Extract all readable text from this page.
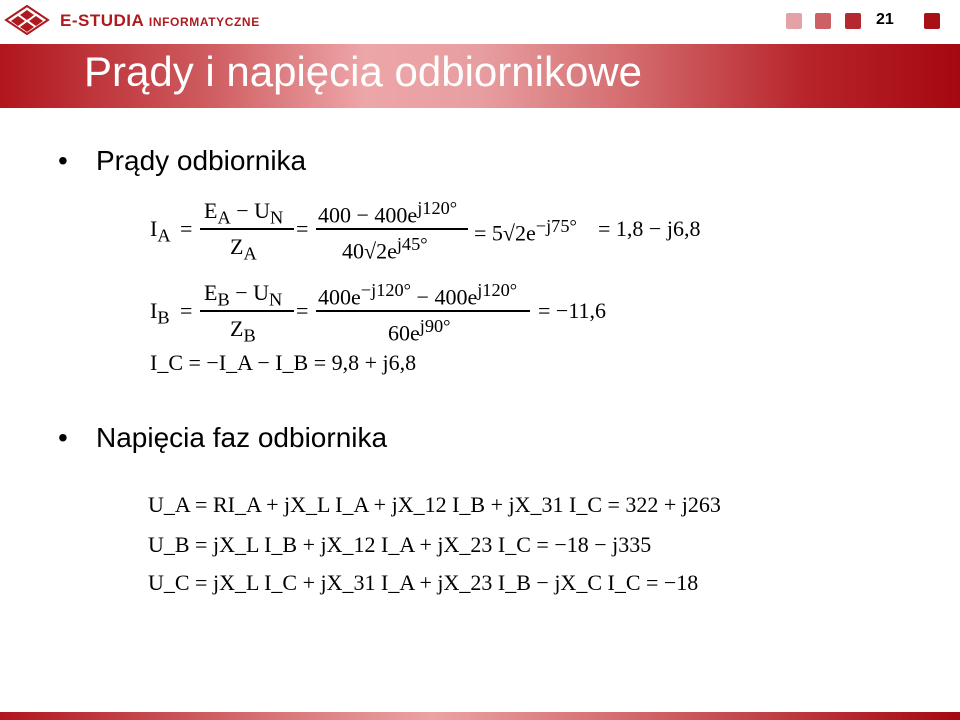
E-STUDIA INFORMATYCZNE	21
Prądy i napięcia odbiornikowe
• Prądy odbiornika
$I_A$ =
$E_A - U_N$
$Z_A$
=
$400 - 400e^{j120^\circ}$
$40√2e^{j45^\circ} = 5√2e^{-j75^\circ} = 1,8 - j6,8$
$I_B$ =
$E_B - U_N$
$Z_B$
=
$400e^{-j120^\circ} - 400e^{j120^\circ}$
$60e^{j90^\circ}$
= −11,6
I_C = −I_A − I_B = 9,8 + j6,8
• Napięcia faz odbiornika
U_A = RI_A + jX_L I_A + jX_12 I_B + jX_31 I_C = 322 + j263
U_B = jX_L I_B + jX_12 I_A + jX_23 I_C = −18 − j335
U_C = jX_L I_C + jX_31 I_A + jX_23 I_B − jX_C I_C = −18
